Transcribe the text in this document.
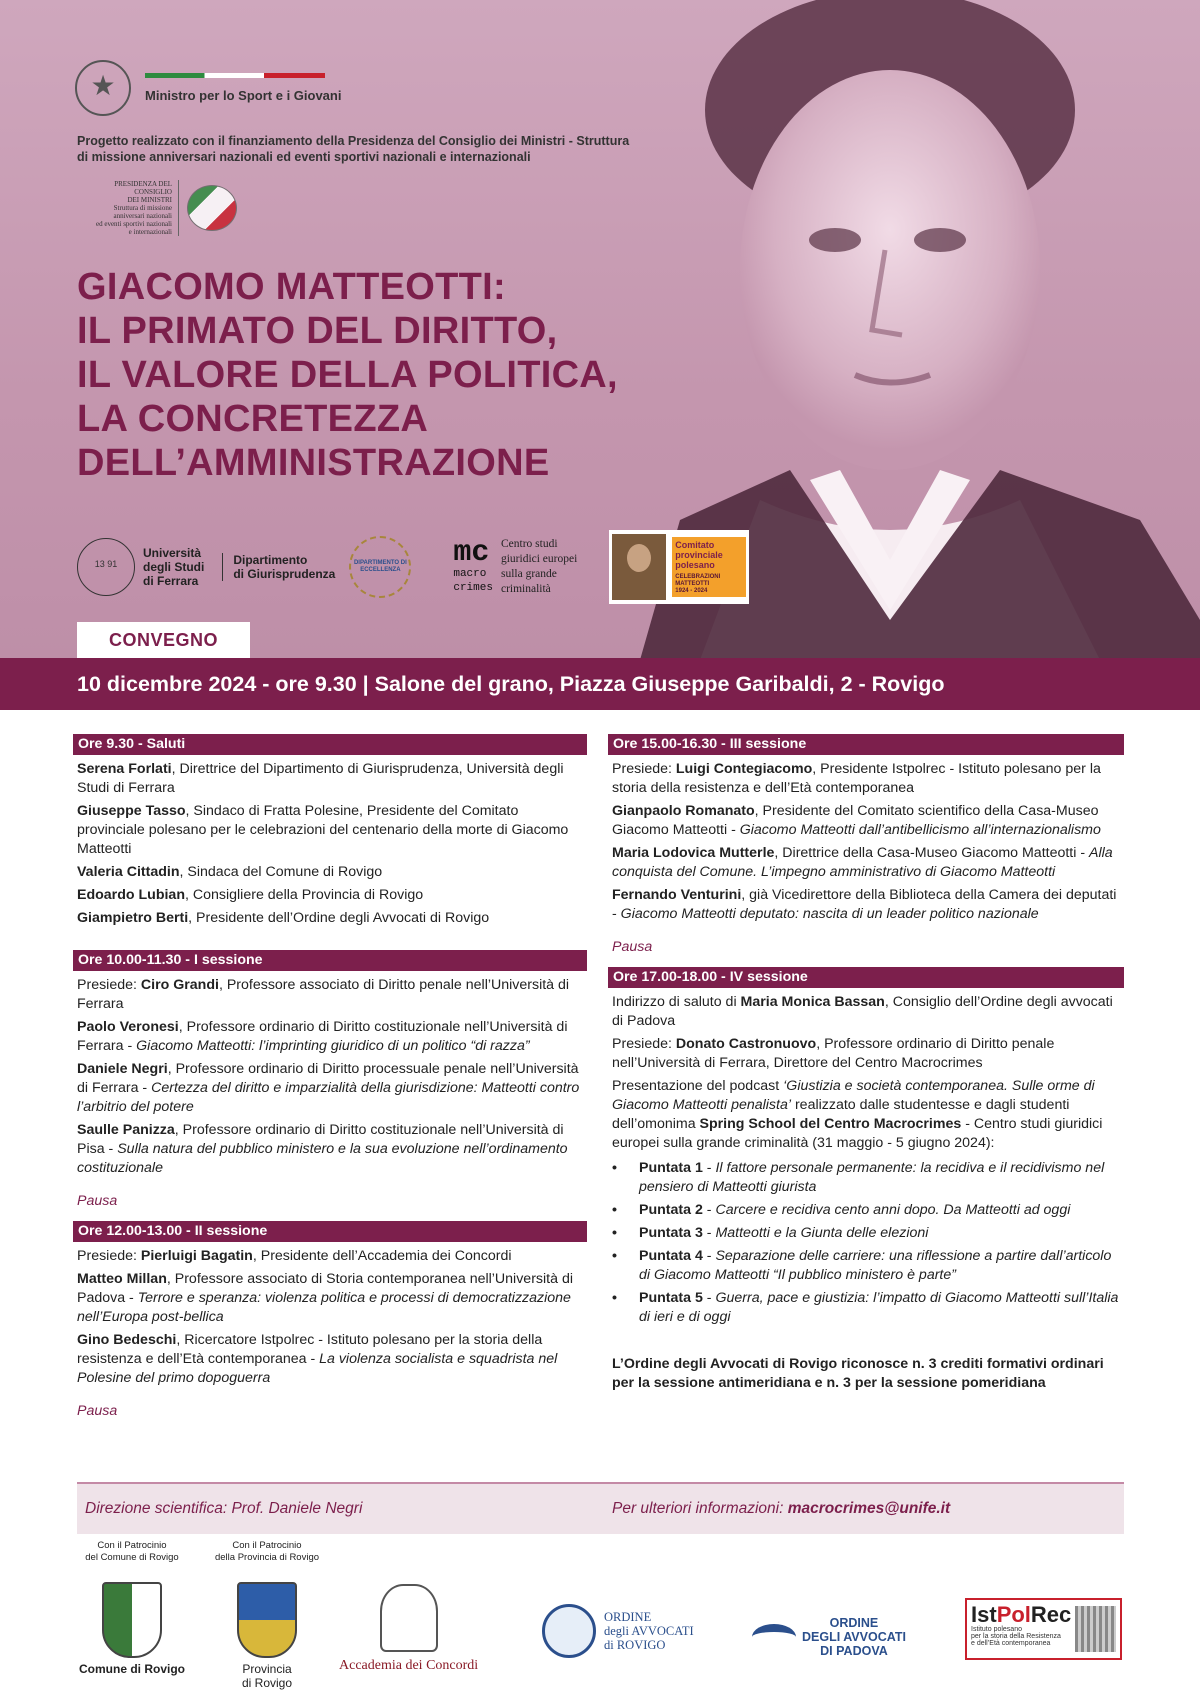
★
Ministro per lo Sport e i Giovani
Progetto realizzato con il finanziamento della Presidenza del Consiglio dei Ministri - Struttura di missione anniversari nazionali ed eventi sportivi nazionali e internazionali
PRESIDENZA DEL CONSIGLIO
DEI MINISTRI
Struttura di missione
anniversari nazionali
ed eventi sportivi nazionali
e internazionali
GIACOMO MATTEOTTI:
IL PRIMATO DEL DIRITTO,
IL VALORE DELLA POLITICA,
LA CONCRETEZZA
DELL’AMMINISTRAZIONE
13 91
Università
degli Studi
di Ferrara
Dipartimento
di Giurisprudenza
DIPARTIMENTO DI ECCELLENZA	mc
macro
crimes
Centro studi
giuridici europei
sulla grande
criminalità
Comitato
provinciale
polesano
CELEBRAZIONI MATTEOTTI
1924 - 2024
CONVEGNO
10 dicembre 2024 - ore 9.30 | Salone del grano, Piazza Giuseppe Garibaldi, 2 - Rovigo
Ore 9.30 - Saluti
Serena Forlati, Direttrice del Dipartimento di Giurisprudenza, Università degli Studi di Ferrara
Giuseppe Tasso, Sindaco di Fratta Polesine, Presidente del Comitato provinciale polesano per le celebrazioni del centenario della morte di Giacomo Matteotti
Valeria Cittadin, Sindaca del Comune di Rovigo
Edoardo Lubian, Consigliere della Provincia di Rovigo
Giampietro Berti, Presidente dell’Ordine degli Avvocati di Rovigo
Ore 10.00-11.30 - I sessione
Presiede: Ciro Grandi, Professore associato di Diritto penale nell’Università di Ferrara
Paolo Veronesi, Professore ordinario di Diritto costituzionale nell’Università di Ferrara - Giacomo Matteotti: l’imprinting giuridico di un politico “di razza”
Daniele Negri, Professore ordinario di Diritto processuale penale nell’Università di Ferrara - Certezza del diritto e imparzialità della giurisdizione: Matteotti contro l’arbitrio del potere
Saulle Panizza, Professore ordinario di Diritto costituzionale nell’Università di Pisa - Sulla natura del pubblico ministero e la sua evoluzione nell’ordinamento costituzionale
Pausa
Ore 12.00-13.00 - II sessione
Presiede: Pierluigi Bagatin, Presidente dell’Accademia dei Concordi
Matteo Millan, Professore associato di Storia contemporanea nell’Università di Padova - Terrore e speranza: violenza politica e processi di democratizzazione nell’Europa post-bellica
Gino Bedeschi, Ricercatore Istpolrec - Istituto polesano per la storia della resistenza e dell’Età contemporanea - La violenza socialista e squadrista nel Polesine del primo dopoguerra
Pausa
Ore 15.00-16.30 - III sessione
Presiede: Luigi Contegiacomo, Presidente Istpolrec - Istituto polesano per la storia della resistenza e dell’Età contemporanea
Gianpaolo Romanato, Presidente del Comitato scientifico della Casa-Museo Giacomo Matteotti - Giacomo Matteotti dall’antibellicismo all’internazionalismo
Maria Lodovica Mutterle, Direttrice della Casa-Museo Giacomo Matteotti - Alla conquista del Comune. L’impegno amministrativo di Giacomo Matteotti
Fernando Venturini, già Vicedirettore della Biblioteca della Camera dei deputati - Giacomo Matteotti deputato: nascita di un leader politico nazionale
Pausa
Ore 17.00-18.00 - IV sessione
Indirizzo di saluto di Maria Monica Bassan, Consiglio dell’Ordine degli avvocati di Padova
Presiede: Donato Castronuovo, Professore ordinario di Diritto penale nell’Università di Ferrara, Direttore del Centro Macrocrimes
Presentazione del podcast ‘Giustizia e società contemporanea. Sulle orme di Giacomo Matteotti penalista’ realizzato dalle studentesse e dagli studenti dell’omonima Spring School del Centro Macrocrimes - Centro studi giuridici europei sulla grande criminalità (31 maggio - 5 giugno 2024):
• Puntata 1 - Il fattore personale permanente: la recidiva e il recidivismo nel pensiero di Matteotti giurista
• Puntata 2 - Carcere e recidiva cento anni dopo. Da Matteotti ad oggi
• Puntata 3 - Matteotti e la Giunta delle elezioni
• Puntata 4 - Separazione delle carriere: una riflessione a partire dall’articolo di Giacomo Matteotti “Il pubblico ministero è parte”
• Puntata 5 - Guerra, pace e giustizia: l’impatto di Giacomo Matteotti sull’Italia di ieri e di oggi
L’Ordine degli Avvocati di Rovigo riconosce n. 3 crediti formativi ordinari per la sessione antimeridiana e n. 3 per la sessione pomeridiana
Direzione scientifica: Prof. Daniele Negri	Per ulteriori informazioni: macrocrimes@unife.it
Con il Patrocinio
del Comune di Rovigo
Comune di Rovigo
Con il Patrocinio
della Provincia di Rovigo
Provincia
di Rovigo
Accademia dei Concordi
ORDINE
degli AVVOCATI
di ROVIGO
ORDINE
DEGLI AVVOCATI
DI PADOVA
IstPolRec
Istituto polesano
per la storia della Resistenza
e dell’Età contemporanea
